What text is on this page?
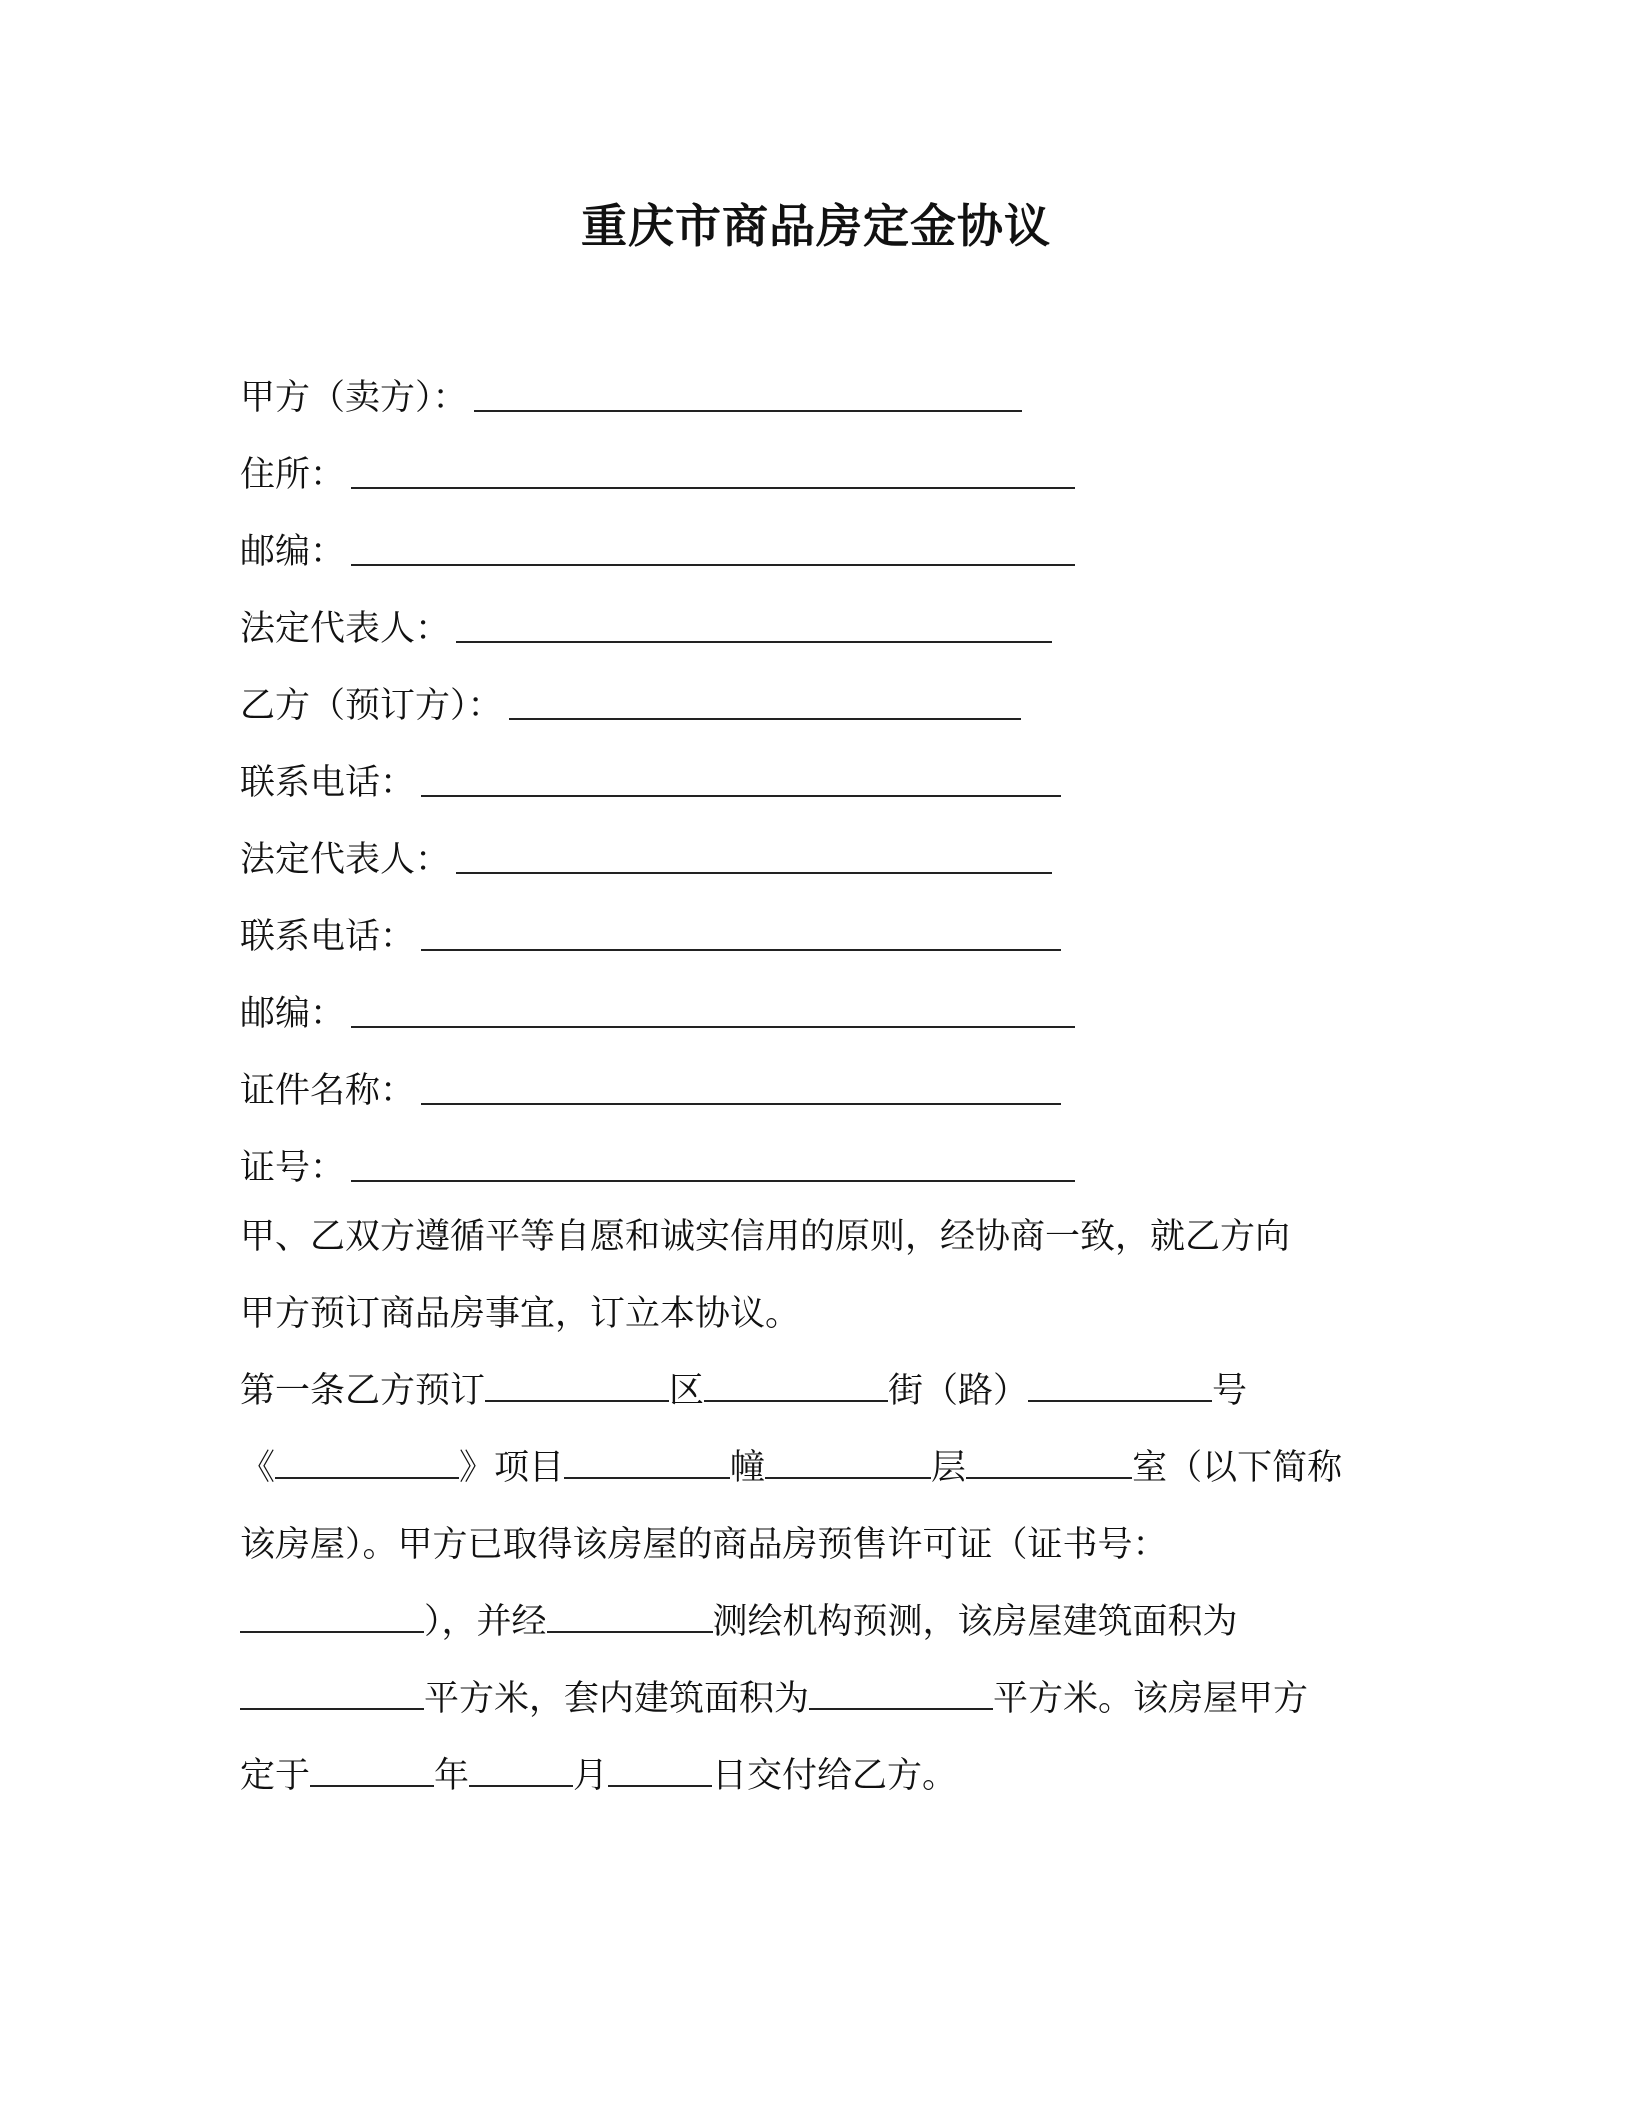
重庆市商品房定金协议
甲方（卖方）：
住所：
邮编：
法定代表人：
乙方（预订方）：
联系电话：
法定代表人：
联系电话：
邮编：
证件名称：
证号：
甲、乙双方遵循平等自愿和诚实信用的原则，经协商一致，就乙方向
甲方预订商品房事宜，订立本协议。
第一条乙方预订	区	街（路）	号
《	》项目	幢	层	室（以下简称
该房屋）。甲方已取得该房屋的商品房预售许可证（证书号：
），并经	测绘机构预测，该房屋建筑面积为
平方米，套内建筑面积为	平方米。该房屋甲方
定于	年	月	日交付给乙方。
